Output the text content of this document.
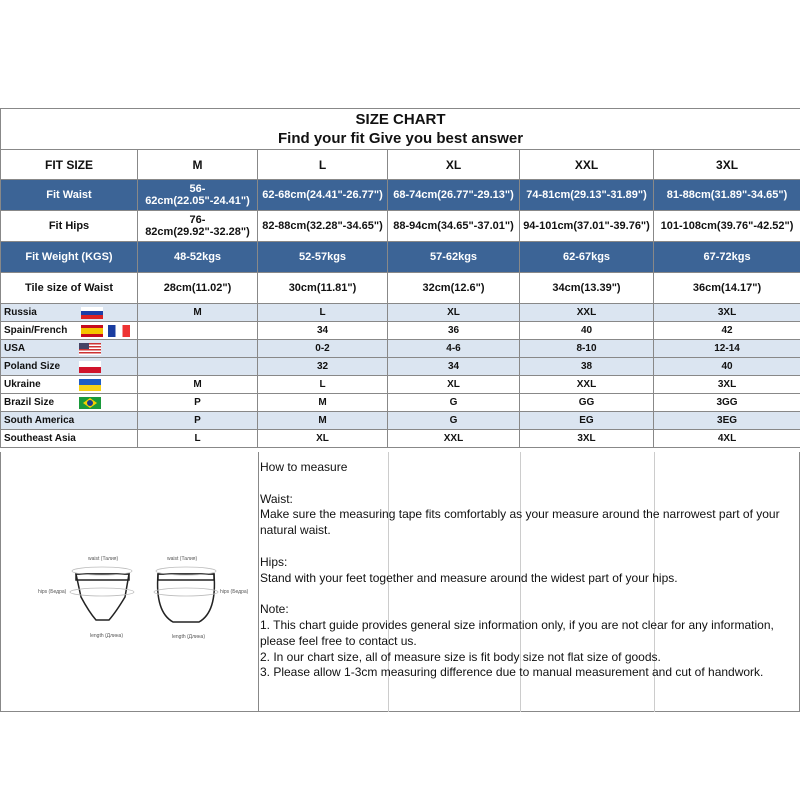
SIZE CHART
Find your fit Give you best answer					

FIT SIZE	M	L	XL	XXL	3XL
Fit Waist	56-62cm(22.05"-24.41")	62-68cm(24.41"-26.77")	68-74cm(26.77"-29.13")	74-81cm(29.13"-31.89")	81-88cm(31.89"-34.65")
Fit Hips	76-82cm(29.92"-32.28")	82-88cm(32.28"-34.65")	88-94cm(34.65"-37.01")	94-101cm(37.01"-39.76")	101-108cm(39.76"-42.52")
Fit Weight (KGS)	48-52kgs	52-57kgs	57-62kgs	62-67kgs	67-72kgs
Tile size of Waist	28cm(11.02")	30cm(11.81")	32cm(12.6")	34cm(13.39")	36cm(14.17")
Russia	M	L	XL	XXL	3XL
Spain/French		34	36	40	42
USA		0-2	4-6	8-10	12-14
Poland Size		32	34	38	40
Ukraine	M	L	XL	XXL	3XL
Brazil Size	P	M	G	GG	3GG
South America	P	M	G	EG	3EG
Southeast Asia	L	XL	XXL	3XL	4XL
waist (Талия)	waist (Талия)
hips (Бедра)	hips (Бедра)
length (Длина)	length (Длина)
How to measure
Waist:
Make sure the measuring tape fits comfortably as your measure around the narrowest part of your natural waist.
Hips:
Stand with your feet together and measure around the widest part of your hips.
Note:
1. This chart guide provides general size information only, if you are not clear for any information, please feel free to contact us.
2. In our chart size, all of measure size is fit body size not flat size of goods.
3. Please allow 1-3cm measuring difference due to manual measurement and cut of handwork.
